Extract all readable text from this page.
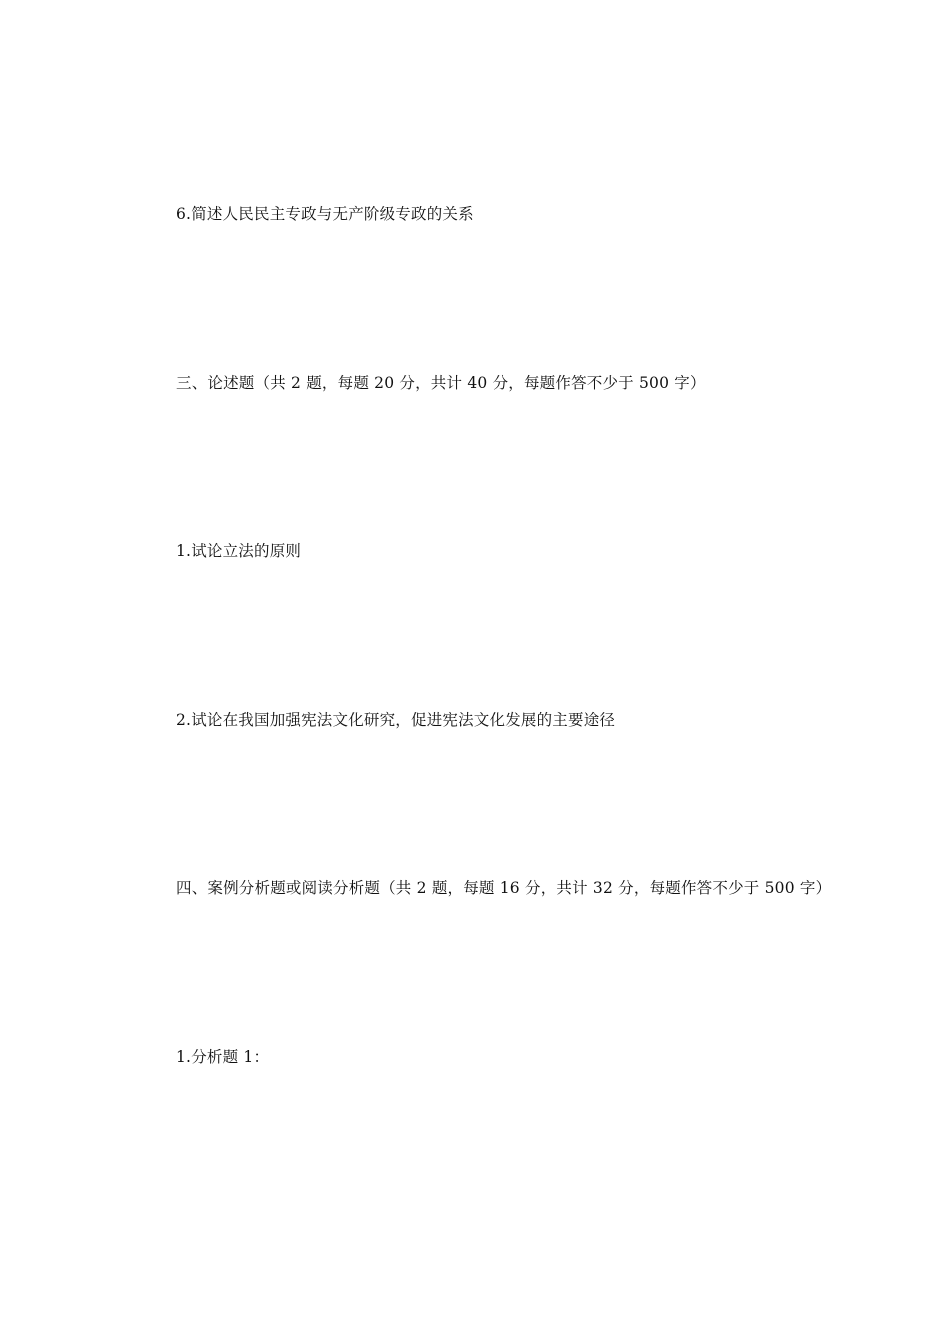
6.简述人民民主专政与无产阶级专政的关系
三、论述题（共 2 题，每题 20 分，共计 40 分，每题作答不少于 500 字）
1.试论立法的原则
2.试论在我国加强宪法文化研究，促进宪法文化发展的主要途径
四、案例分析题或阅读分析题（共 2 题，每题 16 分，共计 32 分，每题作答不少于 500 字）
1.分析题 1：
